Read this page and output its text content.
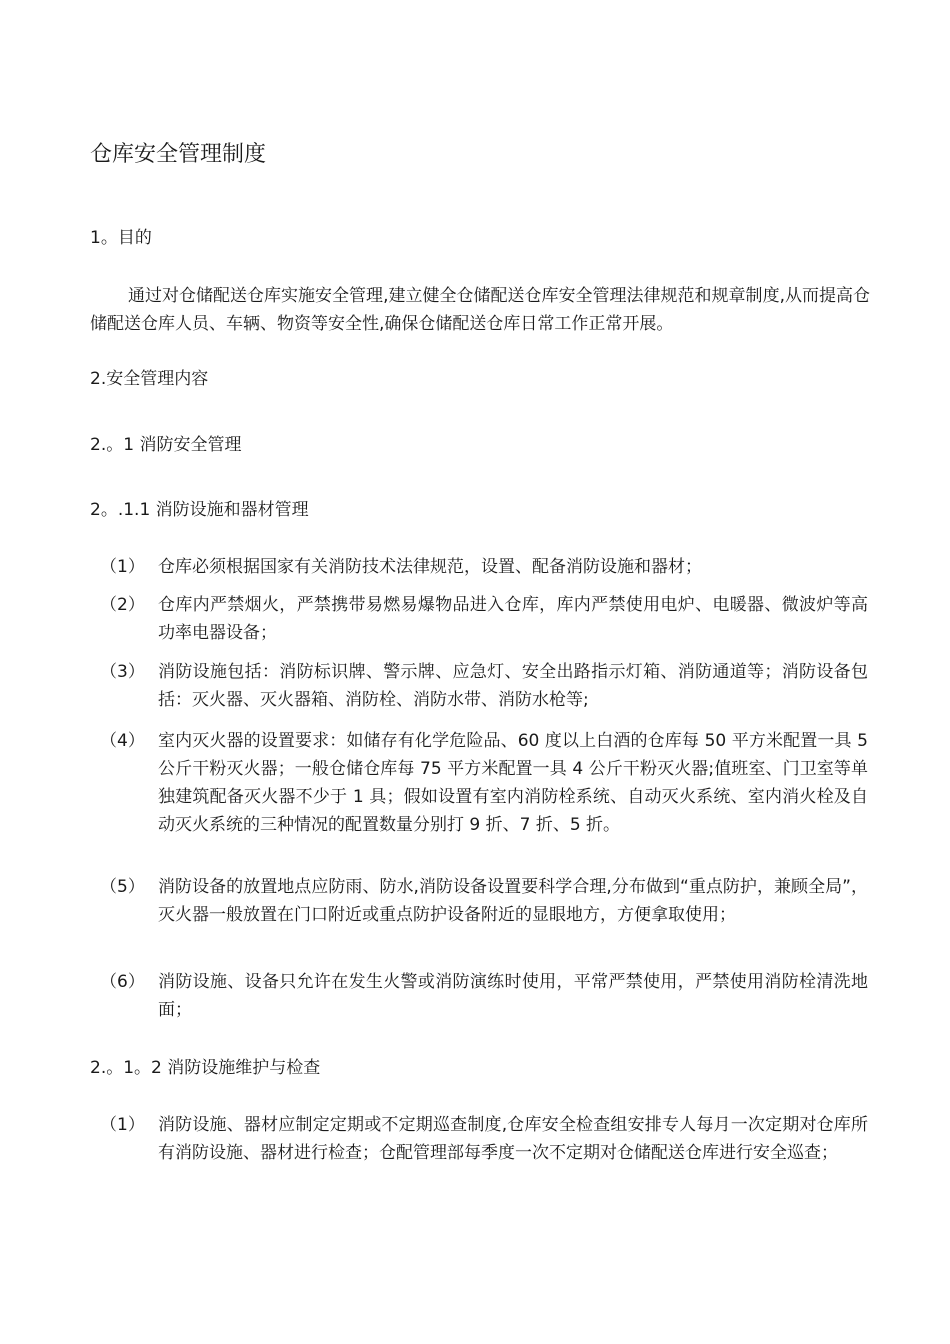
仓库安全管理制度
1。目的
通过对仓储配送仓库实施安全管理,建立健全仓储配送仓库安全管理法律规范和规章制度,从而提高仓储配送仓库人员、车辆、物资等安全性,确保仓储配送仓库日常工作正常开展。
2.安全管理内容
2.。1 消防安全管理
2。.1.1 消防设施和器材管理
（1） 仓库必须根据国家有关消防技术法律规范，设置、配备消防设施和器材；
（2） 仓库内严禁烟火，严禁携带易燃易爆物品进入仓库，库内严禁使用电炉、电暖器、微波炉等高功率电器设备；
（3） 消防设施包括：消防标识牌、警示牌、应急灯、安全出路指示灯箱、消防通道等；消防设备包括：灭火器、灭火器箱、消防栓、消防水带、消防水枪等;
（4） 室内灭火器的设置要求：如储存有化学危险品、60 度以上白酒的仓库每 50 平方米配置一具 5 公斤干粉灭火器；一般仓储仓库每 75 平方米配置一具 4 公斤干粉灭火器;值班室、门卫室等单独建筑配备灭火器不少于 1 具；假如设置有室内消防栓系统、自动灭火系统、室内消火栓及自动灭火系统的三种情况的配置数量分别打 9 折、7 折、5 折。
（5） 消防设备的放置地点应防雨、防水,消防设备设置要科学合理,分布做到“重点防护，兼顾全局”，灭火器一般放置在门口附近或重点防护设备附近的显眼地方，方便拿取使用；
（6） 消防设施、设备只允许在发生火警或消防演练时使用，平常严禁使用，严禁使用消防栓清洗地面；
2.。1。2 消防设施维护与检查
（1） 消防设施、器材应制定定期或不定期巡查制度,仓库安全检查组安排专人每月一次定期对仓库所有消防设施、器材进行检查；仓配管理部每季度一次不定期对仓储配送仓库进行安全巡查；
